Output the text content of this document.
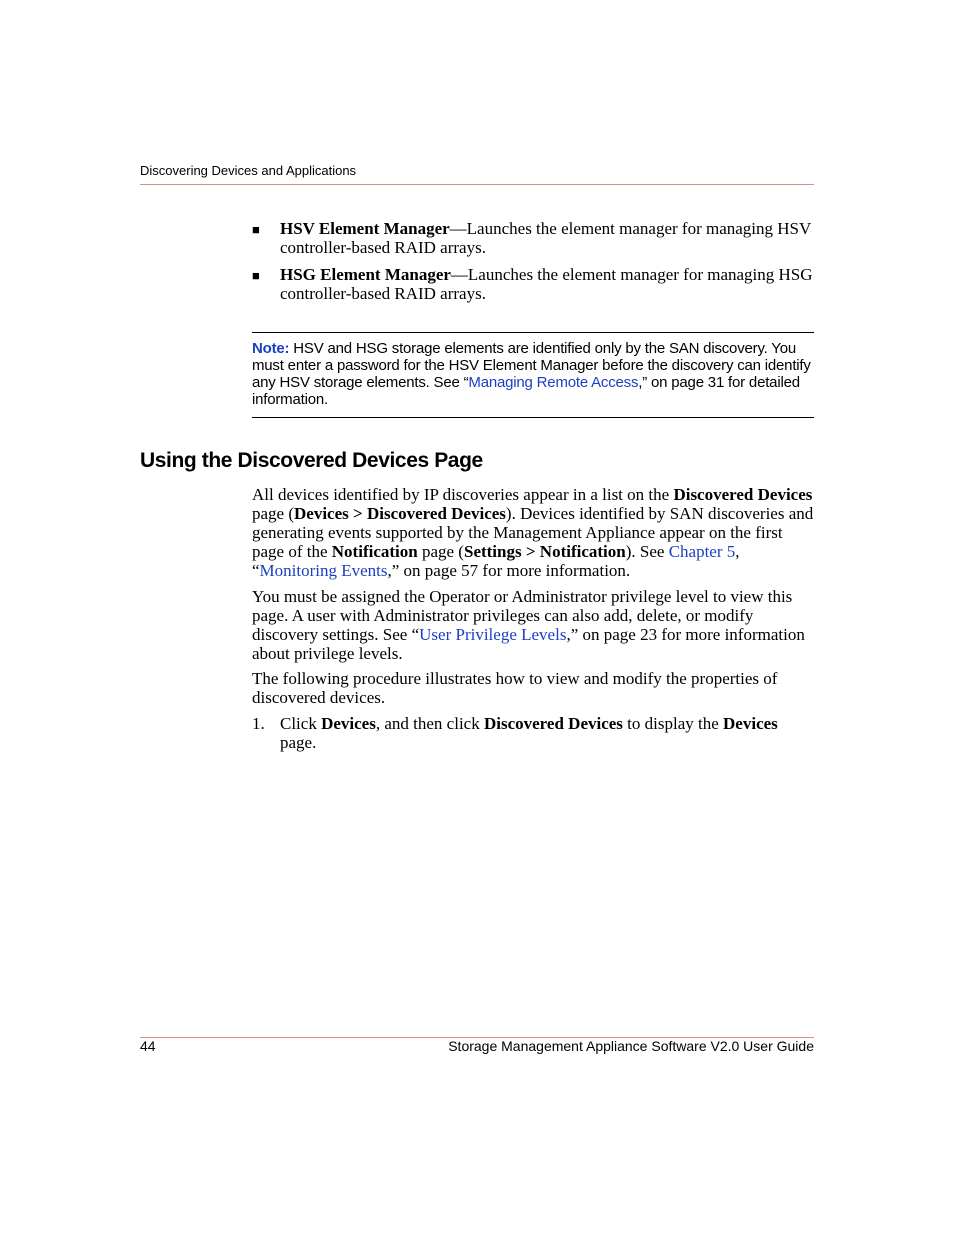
Discovering Devices and Applications
■ HSV Element Manager—Launches the element manager for managing HSV controller-based RAID arrays.
■ HSG Element Manager—Launches the element manager for managing HSG controller-based RAID arrays.
Note: HSV and HSG storage elements are identified only by the SAN discovery. You must enter a password for the HSV Element Manager before the discovery can identify any HSV storage elements. See “Managing Remote Access,” on page 31 for detailed information.
Using the Discovered Devices Page

All devices identified by IP discoveries appear in a list on the Discovered Devices page (Devices > Discovered Devices). Devices identified by SAN discoveries and generating events supported by the Management Appliance appear on the first page of the Notification page (Settings > Notification). See Chapter 5, “Monitoring Events,” on page 57 for more information.

You must be assigned the Operator or Administrator privilege level to view this page. A user with Administrator privileges can also add, delete, or modify discovery settings. See “User Privilege Levels,” on page 23 for more information about privilege levels.

The following procedure illustrates how to view and modify the properties of discovered devices.

1. Click Devices, and then click Discovered Devices to display the Devices page.
44	Storage Management Appliance Software V2.0 User Guide
